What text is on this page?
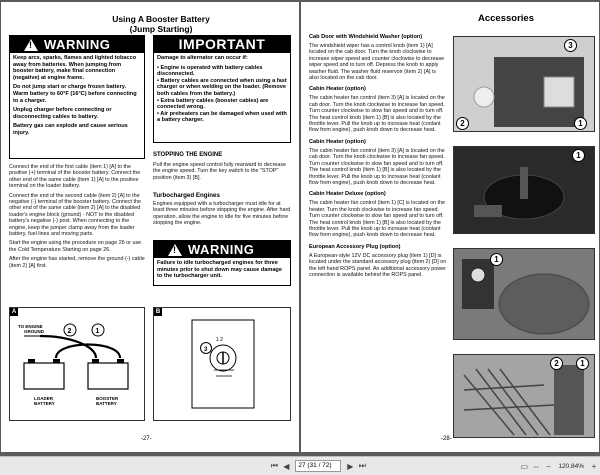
Using A Booster Battery
(Jump Starting)
!
WARNING

Keep arcs, sparks, flames and lighted tobacco away from batteries. When jumping from booster battery, make final connection (negative) at engine frame.

Do not jump start or charge frozen battery. Warm battery to 60°F (16°C) before connecting to a charger.

Unplug charger before connecting or disconnecting cables to battery.

Battery gas can explode and cause serious injury.

IMPORTANT

Damage to alternator can occur if:

• Engine is operated with battery cables disconnected.
• Battery cables are connected when using a fast charger or when welding on the loader. (Remove both cables from the battery.)
• Extra battery cables (booster cables) are connected wrong.
• Air preheaters can be damaged when used with a battery charger.

Connect the end of the first cable (item 1) [A] to the positive (+) terminal of the booster battery. Connect the other end of the same cable (item 1) [A] to the positive terminal on the loader battery.

Connect the end of the second cable (item 2) [A] to the negative (-) terminal of the booster battery. Connect the other end of the same cable (item 2) [A] to the disabled loader's engine block (ground) - NOT to the disabled battery's negative (-) post. When connecting to the engine, keep the jumper clamp away from the loader battery, fuel lines and moving parts.

Start the engine using the procedure on page 26 or use the Cold Temperature Starting on page 26.

After the engine has started, remove the ground (-) cable (item 2) [A] first.

STOPPING THE ENGINE
Pull the engine speed control fully rearward to decrease the engine speed. Turn the key switch to the "STOP" position (item 3) [B].
Turbocharged Engines
Engines equipped with a turbocharger must idle for at least three minutes before stopping the engine. After hard operation, allow the engine to idle for five minutes before stopping the engine.
!
WARNING
Failure to idle turbocharged engines for three minutes prior to shut down may cause damage to the turbocharger unit.
A
TO ENGINE
GROUND	1
2
LOADER
BATTERY
BOOSTER
BATTERY
B
1 2
3
-27-
Accessories
Cab Door with Windshield Washer (option)
The windshield wiper has a control knob (item 1) [A] located on the cab door. Turn the knob clockwise to increase wiper speed and counter clockwise to decrease wiper speed and to turn off. Depress the knob to apply washer fluid. The washer fluid reservoir (item 2) [A] is also located on the cab door.
Cabin Heater (option)
The cabin heater fan control (item 3) [A] is located on the cab door. Turn the knob clockwise to increase fan speed. Turn counter clockwise to slow fan speed and to turn off. The heat control knob (item 1) [B] is also located by the throttle lever. Pull the knob up to increase heat (coolant flow from engine), push knob down to decrease heat.
Cabin Heater (option)
The cabin heater fan control (item 3) [A] is located on the cab door. Turn the knob clockwise to increase fan speed. Turn counter clockwise to slow fan speed and to turn off. The heat control knob (item 1) [B] is also located by the throttle lever. Pull the knob up to increase heat (coolant flow from engine), push knob down to decrease heat.
Cabin Heater Deluxe (option)
The cabin heater fan control (item 1) [C] is located on the heater. Turn the knob clockwise to increase fan speed. Turn counter clockwise to slow fan speed and to turn off. The heat control knob (item 1) [B] is also located by the throttle lever. Pull the knob up to increase heat (coolant flow from engine), push knob down to decrease heat.
European Accessory Plug (option)
A European-style 12V DC accessory plug (item 1) [D] is located under the standard accessory plug (item 2) [D] on the left hand ROPS panel. An additional accessory power connection is available behind the ROPS panel.
3
2	1
1
1
2	1
-28-
⏮ ◀	27 (31 / 72)	▶ ⏭	▭ ⇔ −	120.84% +
